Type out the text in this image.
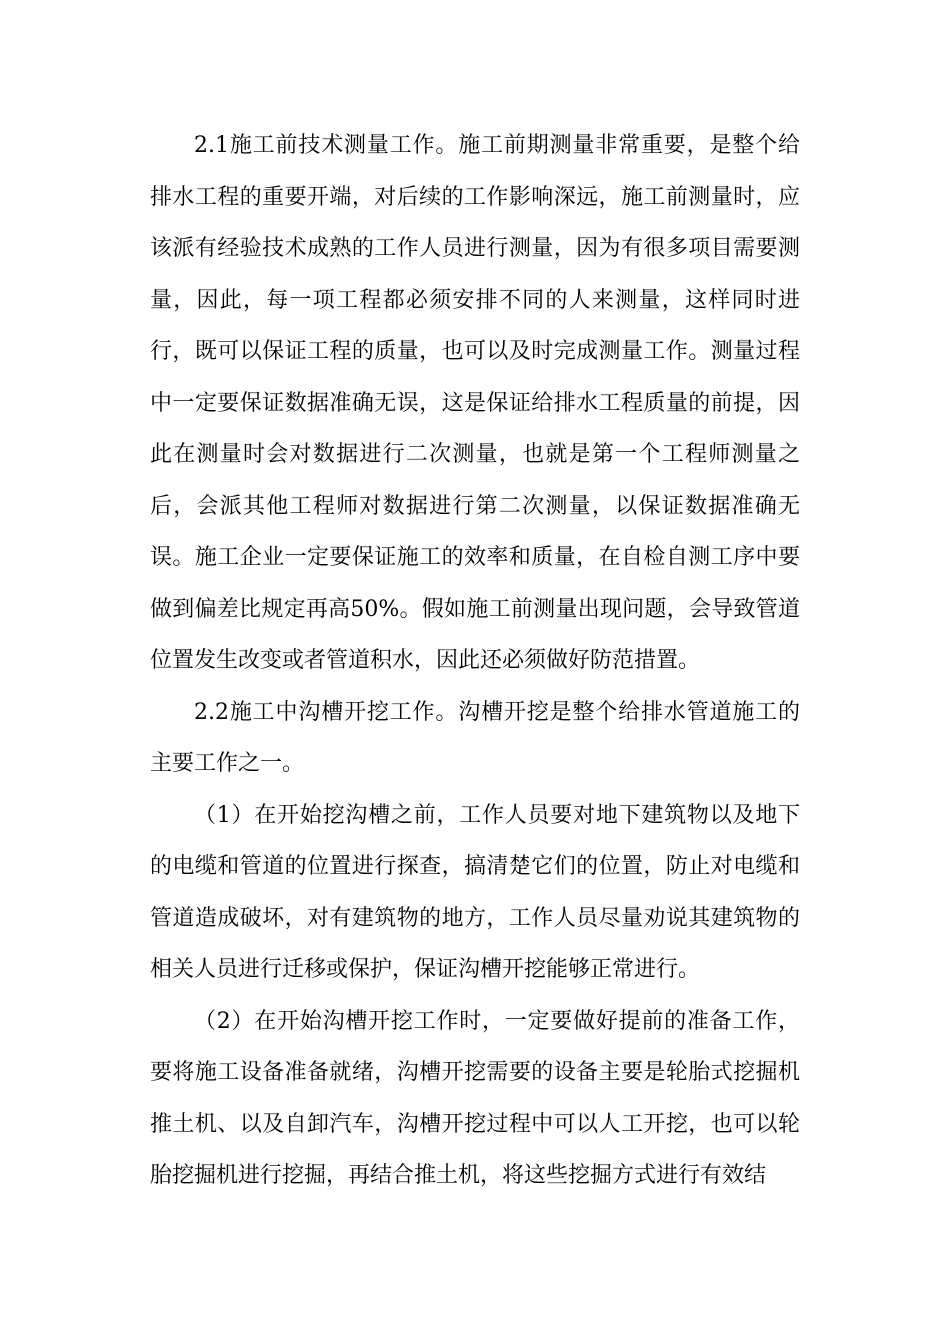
2.1施工前技术测量工作。施工前期测量非常重要，是整个给排水工程的重要开端，对后续的工作影响深远，施工前测量时，应该派有经验技术成熟的工作人员进行测量，因为有很多项目需要测量，因此，每一项工程都必须安排不同的人来测量，这样同时进行，既可以保证工程的质量，也可以及时完成测量工作。测量过程中一定要保证数据准确无误，这是保证给排水工程质量的前提，因此在测量时会对数据进行二次测量，也就是第一个工程师测量之后，会派其他工程师对数据进行第二次测量，以保证数据准确无误。施工企业一定要保证施工的效率和质量，在自检自测工序中要做到偏差比规定再高50%。假如施工前测量出现问题，会导致管道位置发生改变或者管道积水，因此还必须做好防范措置。

2.2施工中沟槽开挖工作。沟槽开挖是整个给排水管道施工的主要工作之一。

（1）在开始挖沟槽之前，工作人员要对地下建筑物以及地下的电缆和管道的位置进行探查，搞清楚它们的位置，防止对电缆和管道造成破坏，对有建筑物的地方，工作人员尽量劝说其建筑物的相关人员进行迁移或保护，保证沟槽开挖能够正常进行。

（2）在开始沟槽开挖工作时，一定要做好提前的准备工作，要将施工设备准备就绪，沟槽开挖需要的设备主要是轮胎式挖掘机推土机、以及自卸汽车，沟槽开挖过程中可以人工开挖，也可以轮胎挖掘机进行挖掘，再结合推土机，将这些挖掘方式进行有效结
